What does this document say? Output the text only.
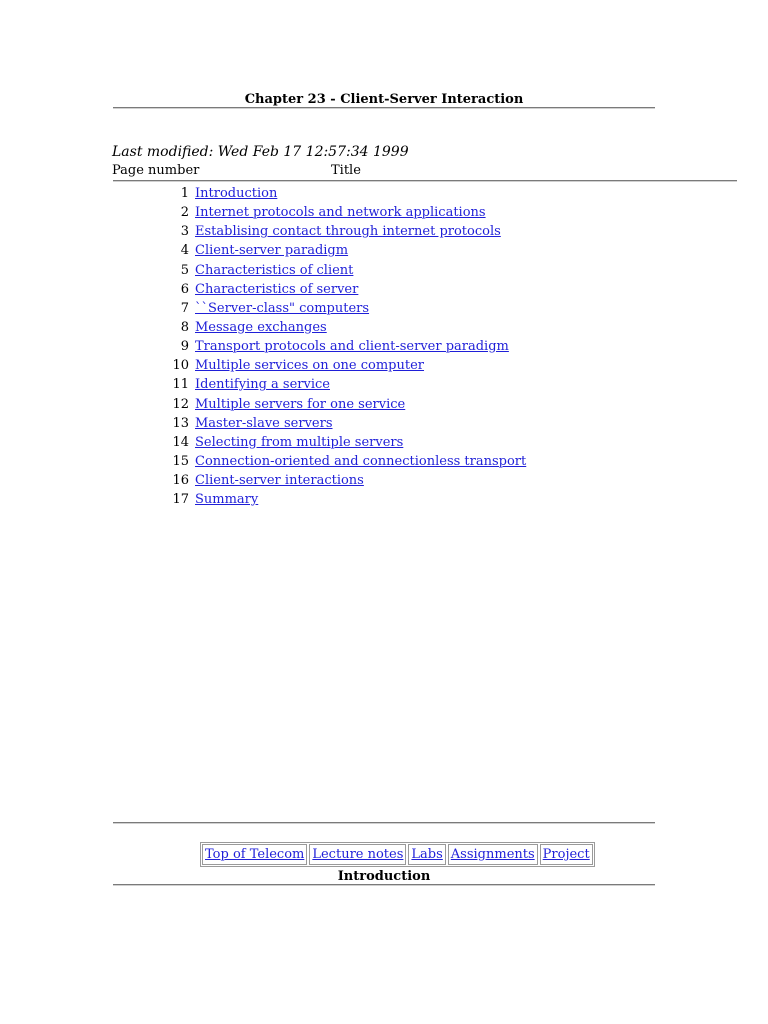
Chapter 23 - Client-Server Interaction
Last modified: Wed Feb 17 12:57:34 1999
Page number	Title
1 Introduction
2 Internet protocols and network applications
3 Establising contact through internet protocols
4 Client-server paradigm
5 Characteristics of client
6 Characteristics of server
7 ``Server-class" computers
8 Message exchanges
9 Transport protocols and client-server paradigm
10 Multiple services on one computer
11 Identifying a service
12 Multiple servers for one service
13 Master-slave servers
14 Selecting from multiple servers
15 Connection-oriented and connectionless transport
16 Client-server interactions
17 Summary
Top of Telecom Lecture notes Labs Assignments Project
Introduction
